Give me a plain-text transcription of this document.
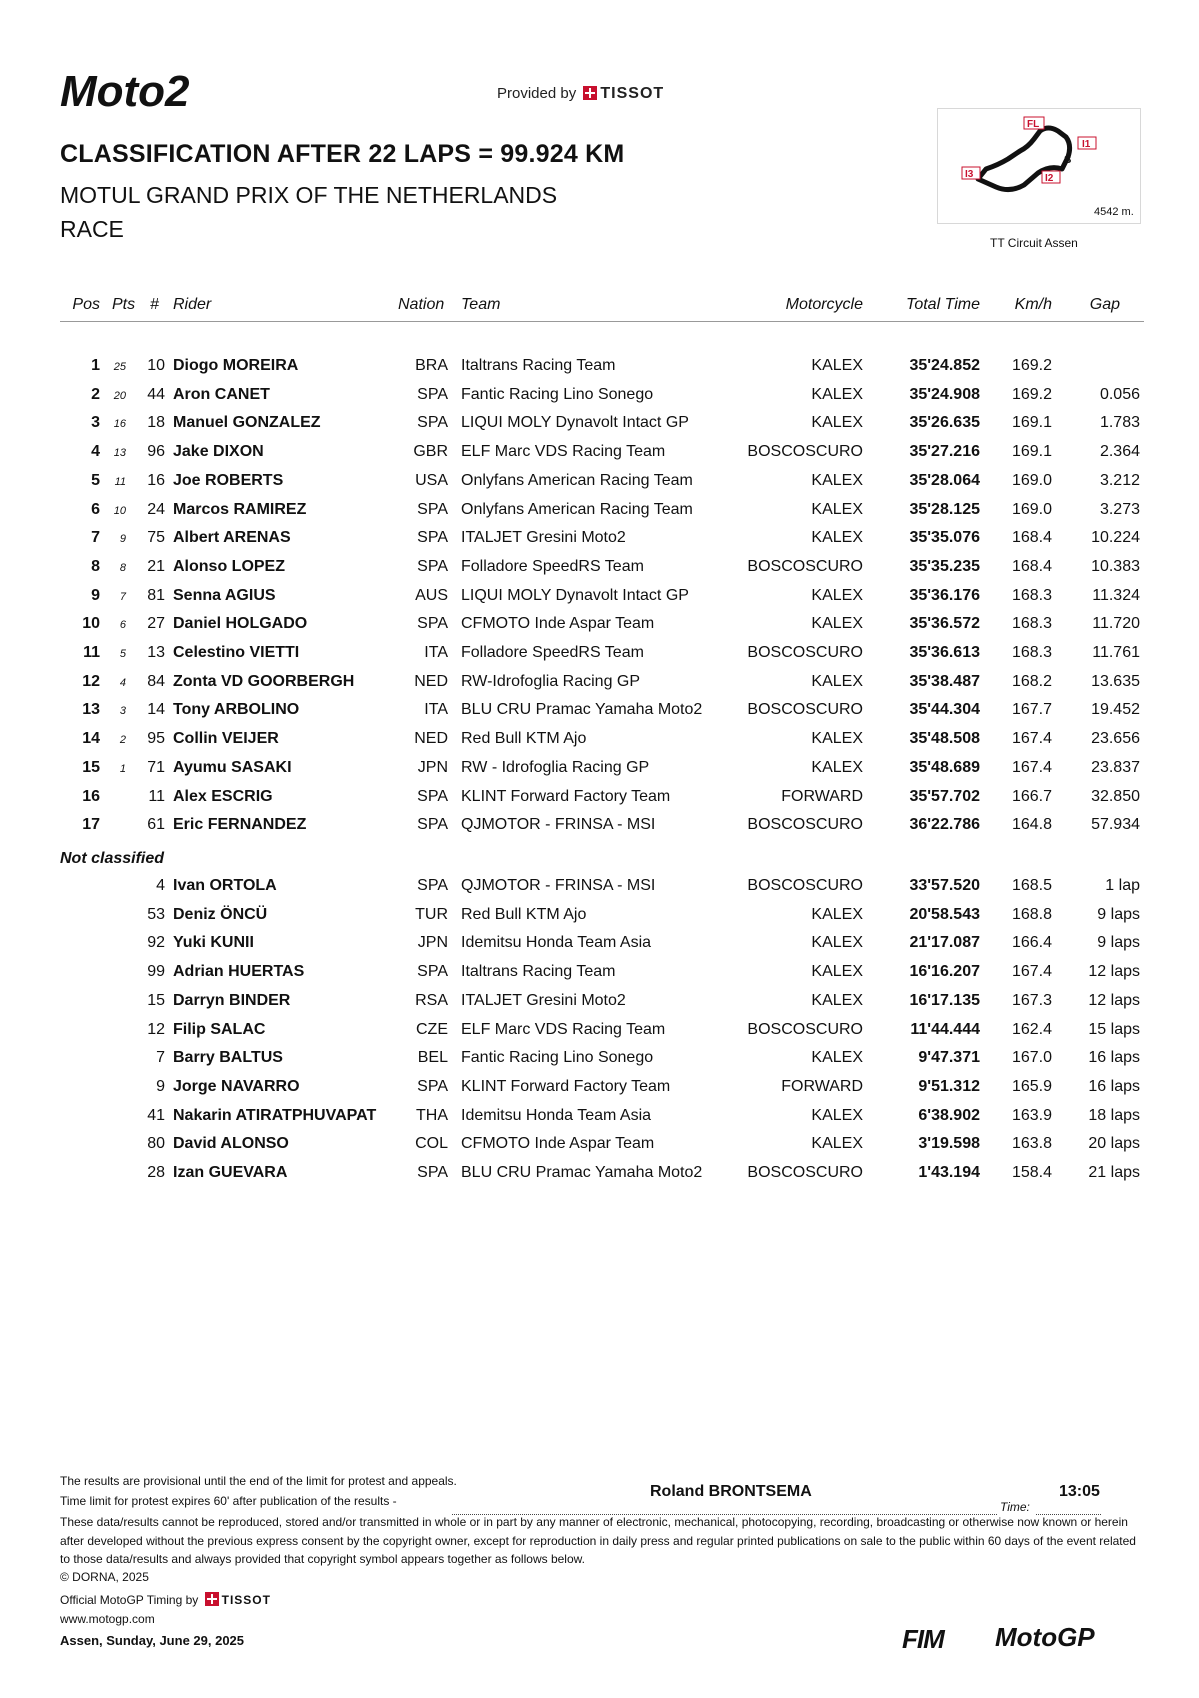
Moto2	Provided by TISSOT
CLASSIFICATION AFTER 22 LAPS = 99.924 KM
MOTUL GRAND PRIX OF THE NETHERLANDS
RACE
FL
I1
S
I2
I3
4542 m.
TT Circuit Assen
Pos Pts # Rider	Nation Team	Motorcycle	Total Time	Km/h	Gap
1 25	10 Diogo MOREIRA	BRA Italtrans Racing Team	KALEX	35'24.852	169.2
2 20	44 Aron CANET	SPA Fantic Racing Lino Sonego	KALEX	35'24.908	169.2	0.056
3 16	18 Manuel GONZALEZ	SPA LIQUI MOLY Dynavolt Intact GP	KALEX	35'26.635	169.1	1.783
4 13	96 Jake DIXON	GBR ELF Marc VDS Racing Team	BOSCOSCURO	35'27.216	169.1	2.364
5 11	16 Joe ROBERTS	USA Onlyfans American Racing Team	KALEX	35'28.064	169.0	3.212
6 10	24 Marcos RAMIREZ	SPA Onlyfans American Racing Team	KALEX	35'28.125	169.0	3.273
7	9	75 Albert ARENAS	SPA ITALJET Gresini Moto2	KALEX	35'35.076	168.4	10.224
8	8	21 Alonso LOPEZ	SPA Folladore SpeedRS Team	BOSCOSCURO	35'35.235	168.4	10.383
9	7	81 Senna AGIUS	AUS LIQUI MOLY Dynavolt Intact GP	KALEX	35'36.176	168.3	11.324
10	6	27 Daniel HOLGADO	SPA CFMOTO Inde Aspar Team	KALEX	35'36.572	168.3	11.720
11	5	13 Celestino VIETTI	ITA Folladore SpeedRS Team	BOSCOSCURO	35'36.613	168.3	11.761
12	4	84 Zonta VD GOORBERGH	NED RW-Idrofoglia Racing GP	KALEX	35'38.487	168.2	13.635
13	3	14 Tony ARBOLINO	ITA BLU CRU Pramac Yamaha Moto2	BOSCOSCURO	35'44.304	167.7	19.452
14	2	95 Collin VEIJER	NED Red Bull KTM Ajo	KALEX	35'48.508	167.4	23.656
15	1	71 Ayumu SASAKI	JPN RW - Idrofoglia Racing GP	KALEX	35'48.689	167.4	23.837
16	11 Alex ESCRIG	SPA KLINT Forward Factory Team	FORWARD	35'57.702	166.7	32.850
17	61 Eric FERNANDEZ	SPA QJMOTOR - FRINSA - MSI	BOSCOSCURO	36'22.786	164.8	57.934
Not classified
4 Ivan ORTOLA	SPA QJMOTOR - FRINSA - MSI	BOSCOSCURO	33'57.520	168.5	1 lap
53 Deniz ÖNCÜ	TUR Red Bull KTM Ajo	KALEX	20'58.543	168.8	9 laps
92 Yuki KUNII	JPN Idemitsu Honda Team Asia	KALEX	21'17.087	166.4	9 laps
99 Adrian HUERTAS	SPA Italtrans Racing Team	KALEX	16'16.207	167.4	12 laps
15 Darryn BINDER	RSA ITALJET Gresini Moto2	KALEX	16'17.135	167.3	12 laps
12 Filip SALAC	CZE ELF Marc VDS Racing Team	BOSCOSCURO	11'44.444	162.4	15 laps
7 Barry BALTUS	BEL Fantic Racing Lino Sonego	KALEX	9'47.371	167.0	16 laps
9 Jorge NAVARRO	SPA KLINT Forward Factory Team	FORWARD	9'51.312	165.9	16 laps
41 Nakarin ATIRATPHUVAPAT	THA Idemitsu Honda Team Asia	KALEX	6'38.902	163.9	18 laps
80 David ALONSO	COL CFMOTO Inde Aspar Team	KALEX	3'19.598	163.8	20 laps
28 Izan GUEVARA	SPA BLU CRU Pramac Yamaha Moto2	BOSCOSCURO	1'43.194	158.4	21 laps
The results are provisional until the end of the limit for protest and appeals.
Time limit for protest expires 60' after publication of the results -
Roland BRONTSEMA
Time:
13:05
These data/results cannot be reproduced, stored and/or transmitted in whole or in part by any manner of electronic, mechanical, photocopying, recording, broadcasting or otherwise now known or herein after developed without the previous express consent by the copyright owner, except for reproduction in daily press and regular printed publications on sale to the public within 60 days of the event related to those data/results and always provided that copyright symbol appears together as follows below.
© DORNA, 2025
Official MotoGP Timing by TISSOT
www.motogp.com
Assen, Sunday, June 29, 2025	FIM MotoGP
